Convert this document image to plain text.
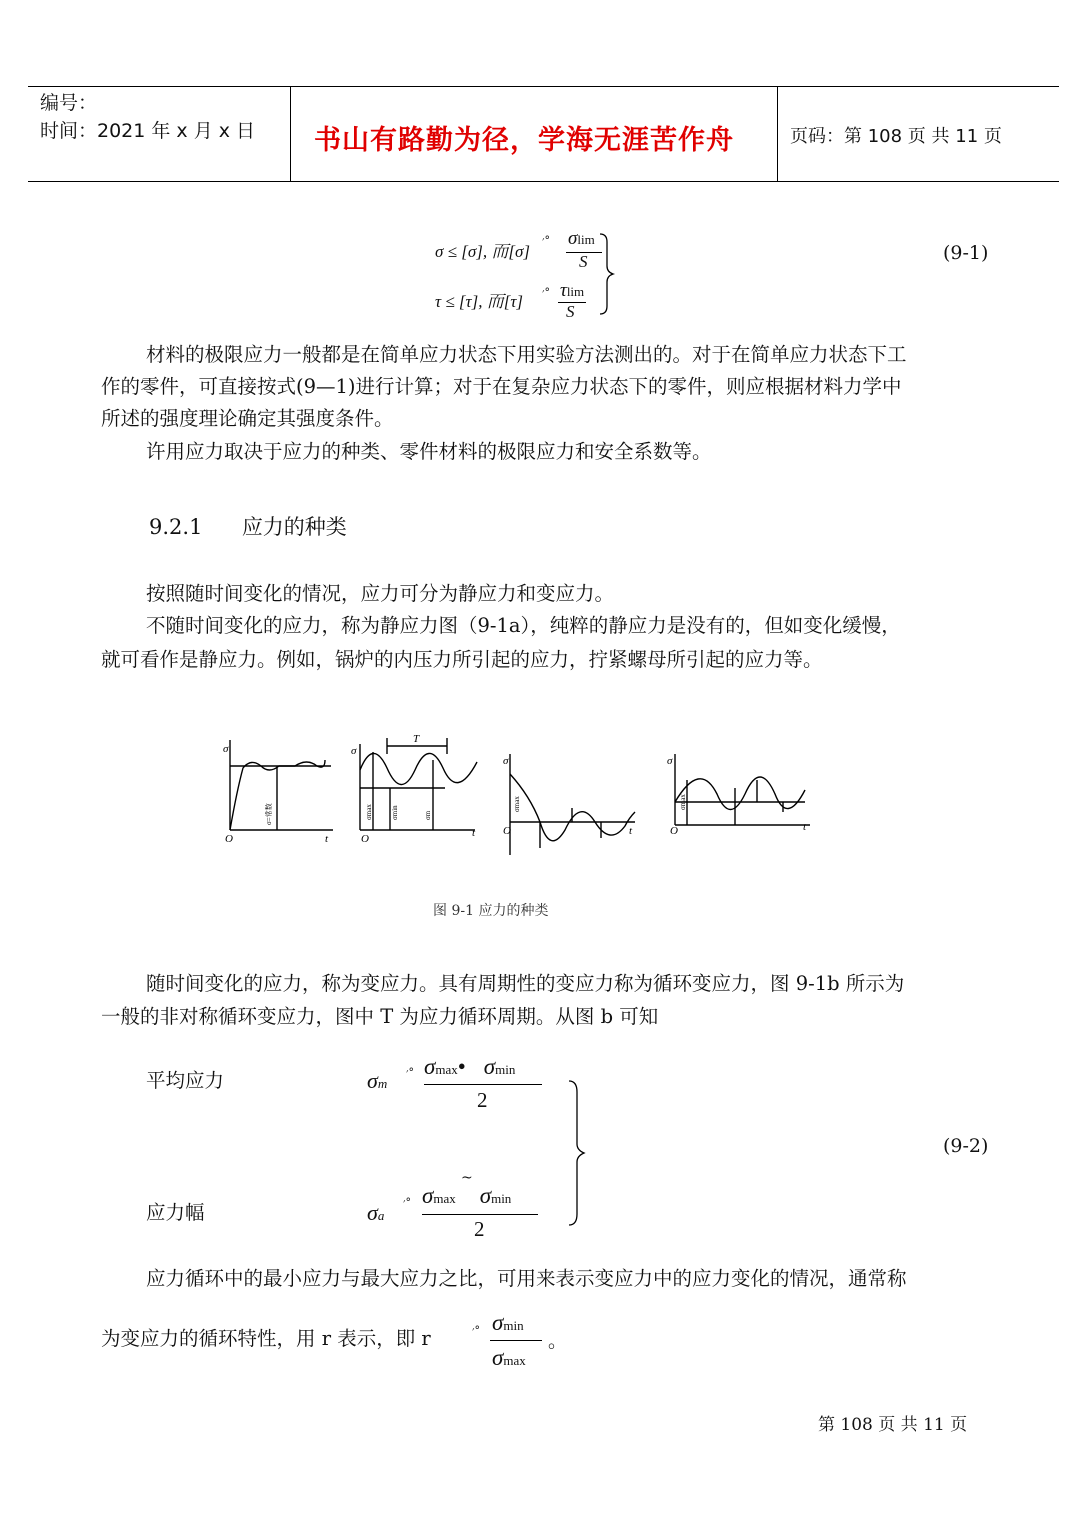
编号：
时间：2021 年 x 月 x 日 书山有路勤为径，学海无涯苦作舟	页码：第 108 页 共 11 页
σ ≤ [σ], 而[σ]
׳° σlim
S
τ ≤ [τ], 而[τ] ׳° τlim
S
(9-1)
材料的极限应力一般都是在简单应力状态下用实验方法测出的。对于在简单应力状态下工
作的零件，可直接按式(9—1)进行计算；对于在复杂应力状态下的零件，则应根据材料力学中
所述的强度理论确定其强度条件。
许用应力取决于应力的种类、零件材料的极限应力和安全系数等。
9.2.1 应力的种类
按照随时间变化的情况，应力可分为静应力和变应力。
不随时间变化的应力，称为静应力图（9-1a），纯粹的静应力是没有的，但如变化缓慢，
就可看作是静应力。例如，锅炉的内压力所引起的应力，拧紧螺母所引起的应力等。
σ
O	t
σ
O	t
T
σ
O	t
σ
O	t
σ=常数	σmax	σmin	σm
σmax	σmax
图 9-1 应力的种类
随时间变化的应力，称为变应力。具有周期性的变应力称为循环变应力，图 9-1b 所示为
一般的非对称循环变应力，图中 T 为应力循环周期。从图 b 可知
平均应力	σm
׳° σmax• σmin
2
应力幅
~
σa
׳° σmax σmin
2
(9-2)
应力循环中的最小应力与最大应力之比，可用来表示变应力中的应力变化的情况，通常称
为变应力的循环特性，用 r 表示，即 r	׳° σmin
σmax
。
第 108 页 共 11 页
